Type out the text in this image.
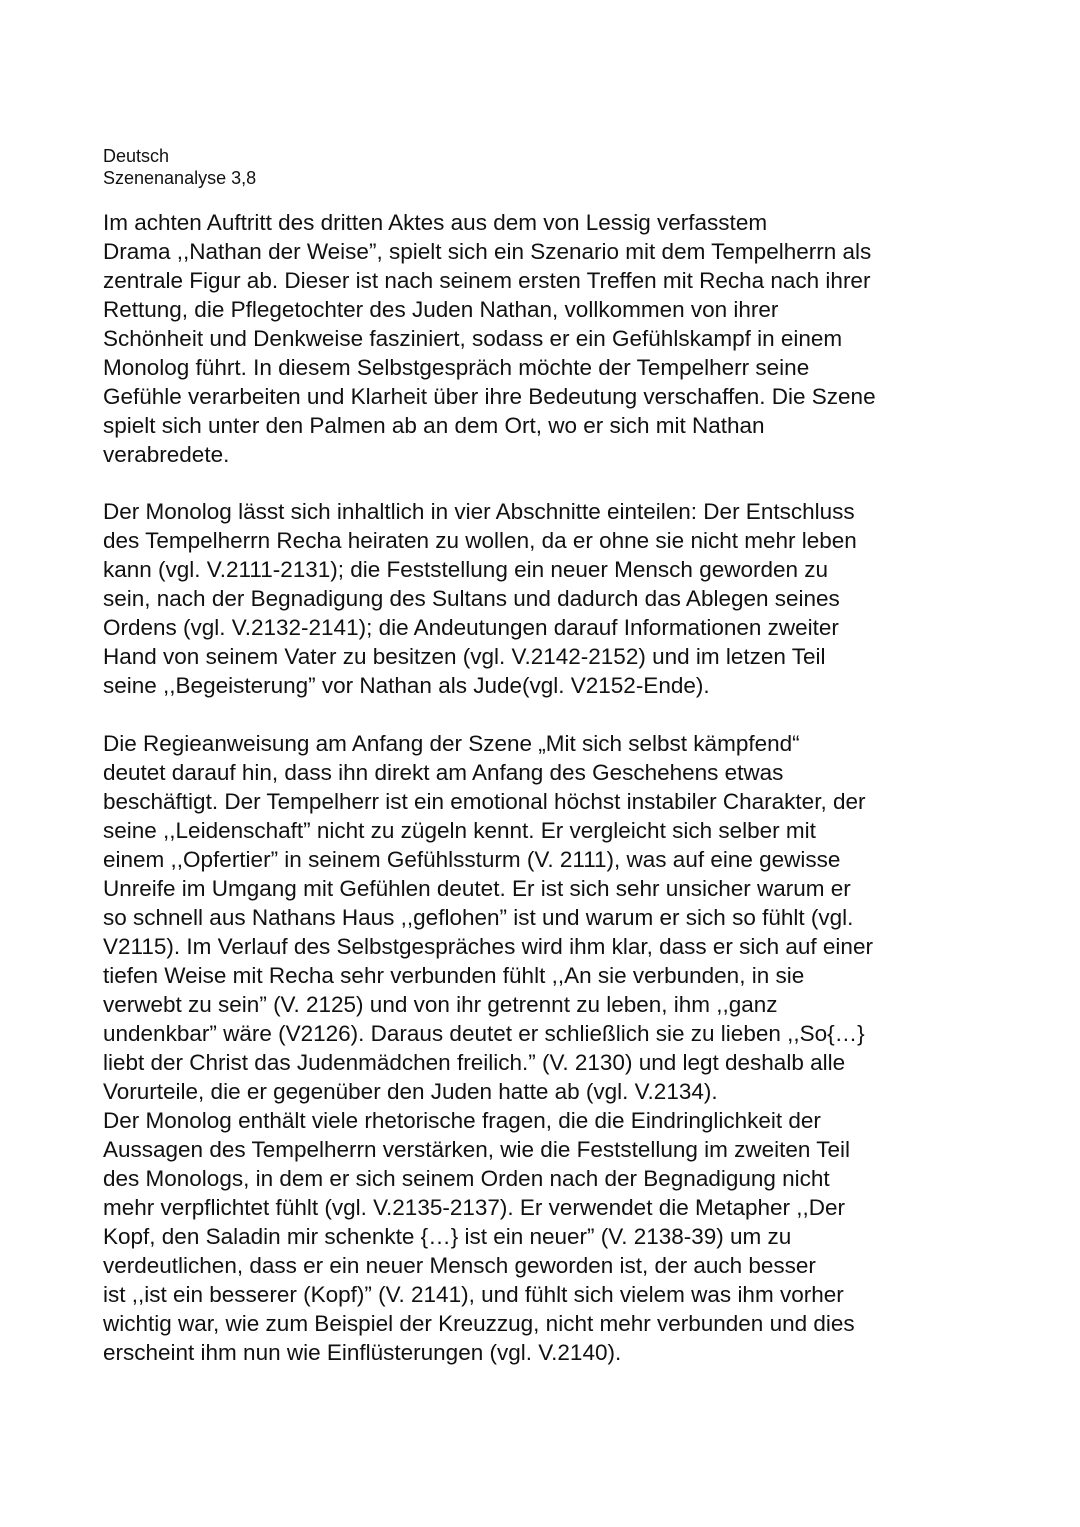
Deutsch
Szenenanalyse 3,8
Im achten Auftritt des dritten Aktes aus dem von Lessig verfasstem
Drama ,,Nathan der Weise”, spielt sich ein Szenario mit dem Tempelherrn als
zentrale Figur ab. Dieser ist nach seinem ersten Treffen mit Recha nach ihrer
Rettung, die Pflegetochter des Juden Nathan, vollkommen von ihrer
Schönheit und Denkweise fasziniert, sodass er ein Gefühlskampf in einem
Monolog führt. In diesem Selbstgespräch möchte der Tempelherr seine
Gefühle verarbeiten und Klarheit über ihre Bedeutung verschaffen. Die Szene
spielt sich unter den Palmen ab an dem Ort, wo er sich mit Nathan
verabredete.
Der Monolog lässt sich inhaltlich in vier Abschnitte einteilen: Der Entschluss
des Tempelherrn Recha heiraten zu wollen, da er ohne sie nicht mehr leben
kann (vgl. V.2111-2131); die Feststellung ein neuer Mensch geworden zu
sein, nach der Begnadigung des Sultans und dadurch das Ablegen seines
Ordens (vgl. V.2132-2141); die Andeutungen darauf Informationen zweiter
Hand von seinem Vater zu besitzen (vgl. V.2142-2152) und im letzen Teil
seine ,,Begeisterung” vor Nathan als Jude(vgl. V2152-Ende).
Die Regieanweisung am Anfang der Szene „Mit sich selbst kämpfend“
deutet darauf hin, dass ihn direkt am Anfang des Geschehens etwas
beschäftigt. Der Tempelherr ist ein emotional höchst instabiler Charakter, der
seine ,,Leidenschaft” nicht zu zügeln kennt. Er vergleicht sich selber mit
einem ,,Opfertier” in seinem Gefühlssturm (V. 2111), was auf eine gewisse
Unreife im Umgang mit Gefühlen deutet. Er ist sich sehr unsicher warum er
so schnell aus Nathans Haus ,,geflohen” ist und warum er sich so fühlt (vgl.
V2115). Im Verlauf des Selbstgespräches wird ihm klar, dass er sich auf einer
tiefen Weise mit Recha sehr verbunden fühlt ,,An sie verbunden, in sie
verwebt zu sein” (V. 2125) und von ihr getrennt zu leben, ihm ,,ganz
undenkbar” wäre (V2126). Daraus deutet er schließlich sie zu lieben ,,So{…}
liebt der Christ das Judenmädchen freilich.” (V. 2130) und legt deshalb alle
Vorurteile, die er gegenüber den Juden hatte ab (vgl. V.2134).
Der Monolog enthält viele rhetorische fragen, die die Eindringlichkeit der
Aussagen des Tempelherrn verstärken, wie die Feststellung im zweiten Teil
des Monologs, in dem er sich seinem Orden nach der Begnadigung nicht
mehr verpflichtet fühlt (vgl. V.2135-2137). Er verwendet die Metapher ,,Der
Kopf, den Saladin mir schenkte {…} ist ein neuer” (V. 2138-39) um zu
verdeutlichen, dass er ein neuer Mensch geworden ist, der auch besser
ist ,,ist ein besserer (Kopf)” (V. 2141), und fühlt sich vielem was ihm vorher
wichtig war, wie zum Beispiel der Kreuzzug, nicht mehr verbunden und dies
erscheint ihm nun wie Einflüsterungen (vgl. V.2140).
